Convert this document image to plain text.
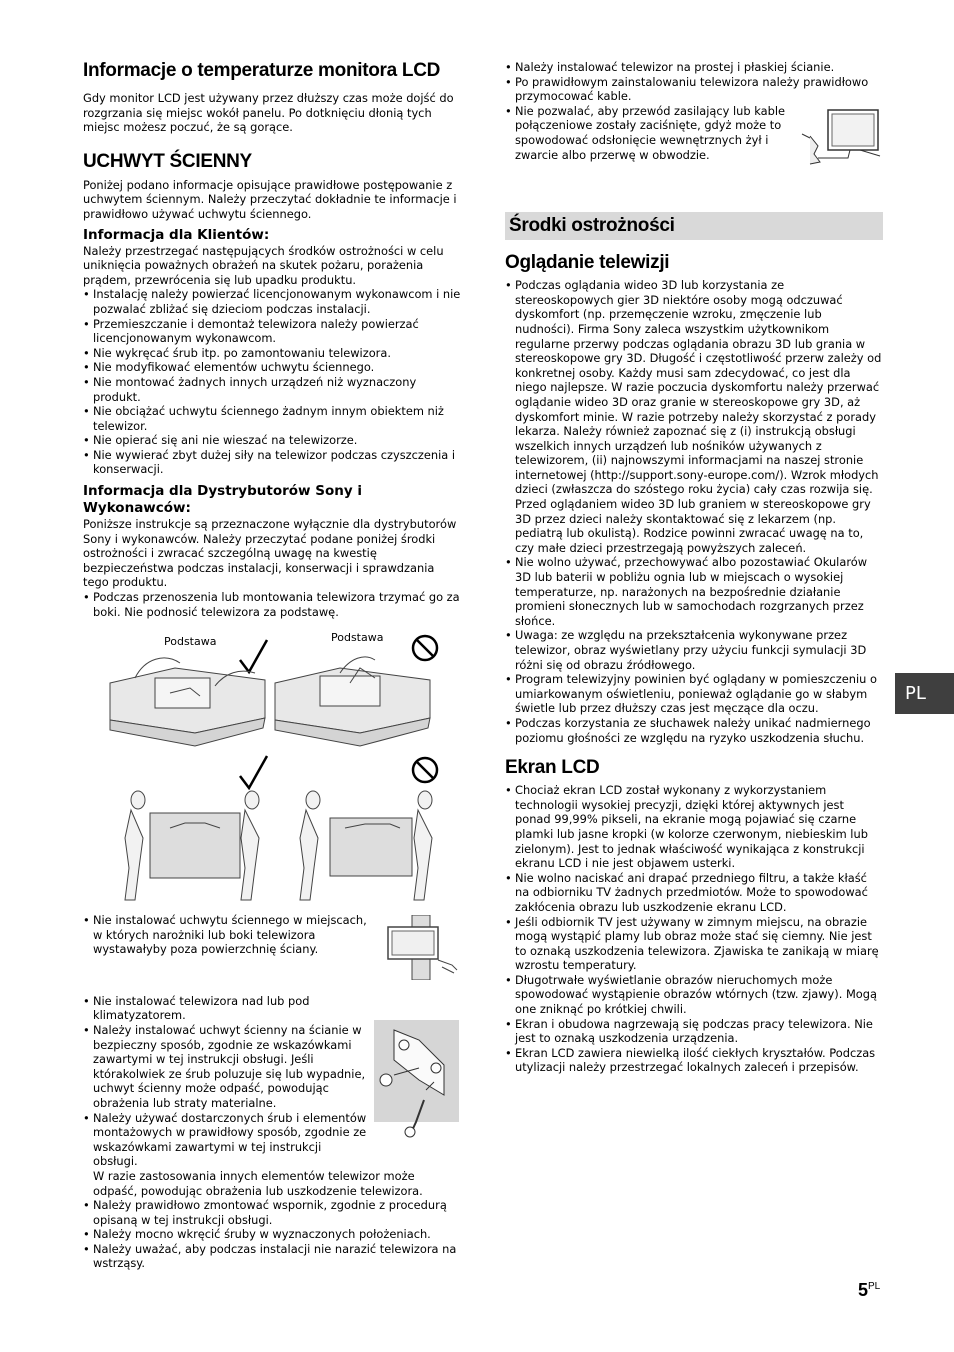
Informacje o temperaturze monitora LCD

Gdy monitor LCD jest używany przez dłuższy czas może dojść do rozgrzania się miejsc wokół panelu. Po dotknięciu dłonią tych miejsc możesz poczuć, że są gorące.

UCHWYT ŚCIENNY

Poniżej podano informacje opisujące prawidłowe postępowanie z uchwytem ściennym. Należy przeczytać dokładnie te informacje i prawidłowo używać uchwytu ściennego.

Informacja dla Klientów:

Należy przestrzegać następujących środków ostrożności w celu uniknięcia poważnych obrażeń na skutek pożaru, porażenia prądem, przewrócenia się lub upadku produktu.

• Instalację należy powierzać licencjonowanym wykonawcom i nie pozwalać zbliżać się dzieciom podczas instalacji.
• Przemieszczanie i demontaż telewizora należy powierzać licencjonowanym wykonawcom.
• Nie wykręcać śrub itp. po zamontowaniu telewizora.
• Nie modyfikować elementów uchwytu ściennego.
• Nie montować żadnych innych urządzeń niż wyznaczony produkt.
• Nie obciążać uchwytu ściennego żadnym innym obiektem niż telewizor.
• Nie opierać się ani nie wieszać na telewizorze.
• Nie wywierać zbyt dużej siły na telewizor podczas czyszczenia i konserwacji.
Informacja dla Dystrybutorów Sony i Wykonawców:

Poniższe instrukcje są przeznaczone wyłącznie dla dystrybutorów Sony i wykonawców. Należy przeczytać podane poniżej środki ostrożności i zwracać szczególną uwagę na kwestię bezpieczeństwa podczas instalacji, konserwacji i sprawdzania tego produktu.

• Podczas przenoszenia lub montowania telewizora trzymać go za boki. Nie podnosić telewizora za podstawę.
Podstawa	Podstawa
• Nie instalować uchwytu ściennego w miejscach, w których narożniki lub boki telewizora wystawałyby poza powierzchnię ściany.
• Nie instalować telewizora nad lub pod klimatyzatorem.
• Należy instalować uchwyt ścienny na ścianie w bezpieczny sposób, zgodnie ze wskazówkami zawartymi w tej instrukcji obsługi. Jeśli którakolwiek ze śrub poluzuje się lub wypadnie, uchwyt ścienny może odpaść, powodując obrażenia lub straty materialne.
• Należy używać dostarczonych śrub i elementów montażowych w prawidłowy sposób, zgodnie ze wskazówkami zawartymi w tej instrukcji obsługi.

W razie zastosowania innych elementów telewizor może odpaść, powodując obrażenia lub uszkodzenie telewizora.

• Należy prawidłowo zmontować wspornik, zgodnie z procedurą opisaną w tej instrukcji obsługi.
• Należy mocno wkręcić śruby w wyznaczonych położeniach.
• Należy uważać, aby podczas instalacji nie narazić telewizora na wstrząsy.
• Należy instalować telewizor na prostej i płaskiej ścianie.
• Po prawidłowym zainstalowaniu telewizora należy prawidłowo przymocować kable.
• Nie pozwalać, aby przewód zasilający lub kable połączeniowe zostały zaciśnięte, gdyż może to spowodować odsłonięcie wewnętrznych żył i zwarcie albo przerwę w obwodzie.
Środki ostrożności
Oglądanie telewizji
• Podczas oglądania wideo 3D lub korzystania ze stereoskopowych gier 3D niektóre osoby mogą odczuwać dyskomfort (np. przemęczenie wzroku, zmęczenie lub nudności). Firma Sony zaleca wszystkim użytkownikom regularne przerwy podczas oglądania obrazu 3D lub grania w stereoskopowe gry 3D. Długość i częstotliwość przerw zależy od konkretnej osoby. Każdy musi sam zdecydować, co jest dla niego najlepsze. W razie poczucia dyskomfortu należy przerwać oglądanie wideo 3D oraz granie w stereoskopowe gry 3D, aż dyskomfort minie. W razie potrzeby należy skorzystać z porady lekarza. Należy również zapoznać się z (i) instrukcją obsługi wszelkich innych urządzeń lub nośników używanych z telewizorem, (ii) najnowszymi informacjami na naszej stronie internetowej (http://support.sony-europe.com/). Wzrok młodych dzieci (zwłaszcza do szóstego roku życia) cały czas rozwija się. Przed oglądaniem wideo 3D lub graniem w stereoskopowe gry 3D przez dzieci należy skontaktować się z lekarzem (np. pediatrą lub okulistą). Rodzice powinni zwracać uwagę na to, czy małe dzieci przestrzegają powyższych zaleceń.
• Nie wolno używać, przechowywać albo pozostawiać Okularów 3D lub baterii w pobliżu ognia lub w miejscach o wysokiej temperaturze, np. narażonych na bezpośrednie działanie promieni słonecznych lub w samochodach rozgrzanych przez słońce.
• Uwaga: ze względu na przekształcenia wykonywane przez telewizor, obraz wyświetlany przy użyciu funkcji symulacji 3D różni się od obrazu źródłowego.
• Program telewizyjny powinien być oglądany w pomieszczeniu o umiarkowanym oświetleniu, ponieważ oglądanie go w słabym świetle lub przez dłuższy czas jest męczące dla oczu.
• Podczas korzystania ze słuchawek należy unikać nadmiernego poziomu głośności ze względu na ryzyko uszkodzenia słuchu.
Ekran LCD
• Chociaż ekran LCD został wykonany z wykorzystaniem technologii wysokiej precyzji, dzięki której aktywnych jest ponad 99,99% pikseli, na ekranie mogą pojawiać się czarne plamki lub jasne kropki (w kolorze czerwonym, niebieskim lub zielonym). Jest to jednak właściwość wynikająca z konstrukcji ekranu LCD i nie jest objawem usterki.
• Nie wolno naciskać ani drapać przedniego filtru, a także kłaść na odbiorniku TV żadnych przedmiotów. Może to spowodować zakłócenia obrazu lub uszkodzenie ekranu LCD.
• Jeśli odbiornik TV jest używany w zimnym miejscu, na obrazie mogą wystąpić plamy lub obraz może stać się ciemny. Nie jest to oznaką uszkodzenia telewizora. Zjawiska te zanikają w miarę wzrostu temperatury.
• Długotrwałe wyświetlanie obrazów nieruchomych może spowodować wystąpienie obrazów wtórnych (tzw. zjawy). Mogą one zniknąć po krótkiej chwili.
• Ekran i obudowa nagrzewają się podczas pracy telewizora. Nie jest to oznaką uszkodzenia urządzenia.
• Ekran LCD zawiera niewielką ilość ciekłych kryształów. Podczas utylizacji należy przestrzegać lokalnych zaleceń i przepisów.
PL
$5^{PL}$
